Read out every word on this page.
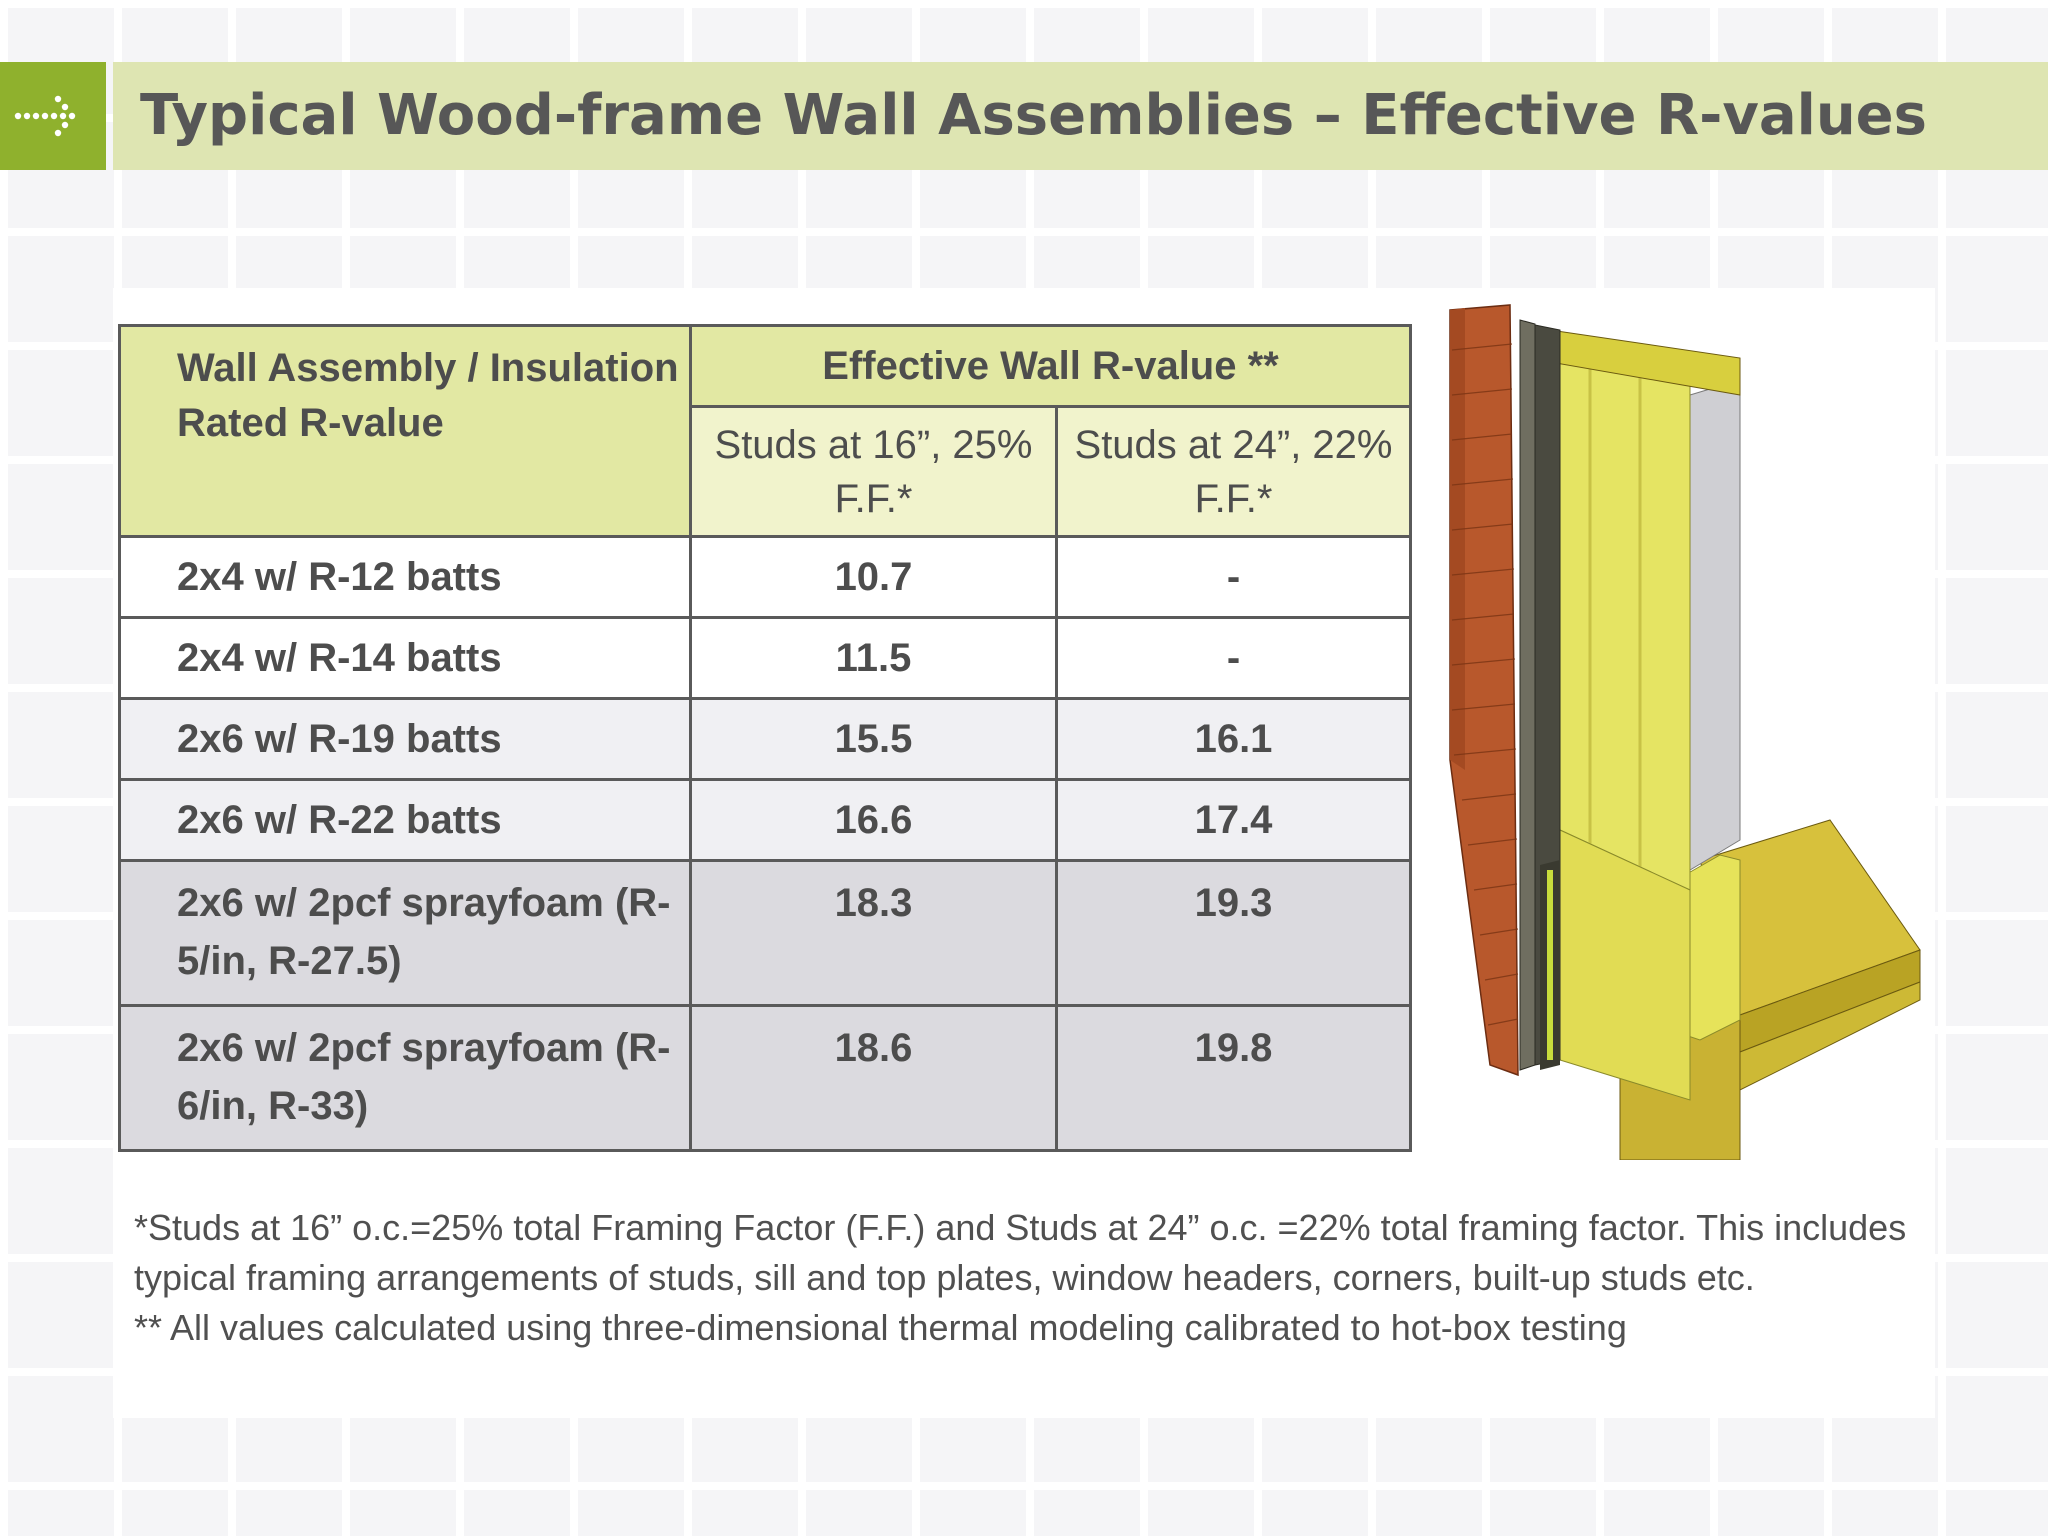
Typical Wood-frame Wall Assemblies – Effective R-values
Wall Assembly / Insulation Rated R-value	Effective Wall R-value **	
	Studs at 16”, 25% F.F.*	Studs at 24”, 22% F.F.*
2x4 w/ R-12 batts	10.7	-
2x4 w/ R-14 batts	11.5	-
2x6 w/ R-19 batts	15.5	16.1
2x6 w/ R-22 batts	16.6	17.4
2x6 w/ 2pcf sprayfoam (R-5/in, R-27.5)	18.3	19.3
2x6 w/ 2pcf sprayfoam (R-6/in, R-33)	18.6	19.8

*Studs at 16” o.c.=25% total Framing Factor (F.F.) and Studs at 24” o.c. =22% total framing factor. This includes typical framing arrangements of studs, sill and top plates, window headers, corners, built-up studs etc.

** All values calculated using three-dimensional thermal modeling calibrated to hot-box testing
